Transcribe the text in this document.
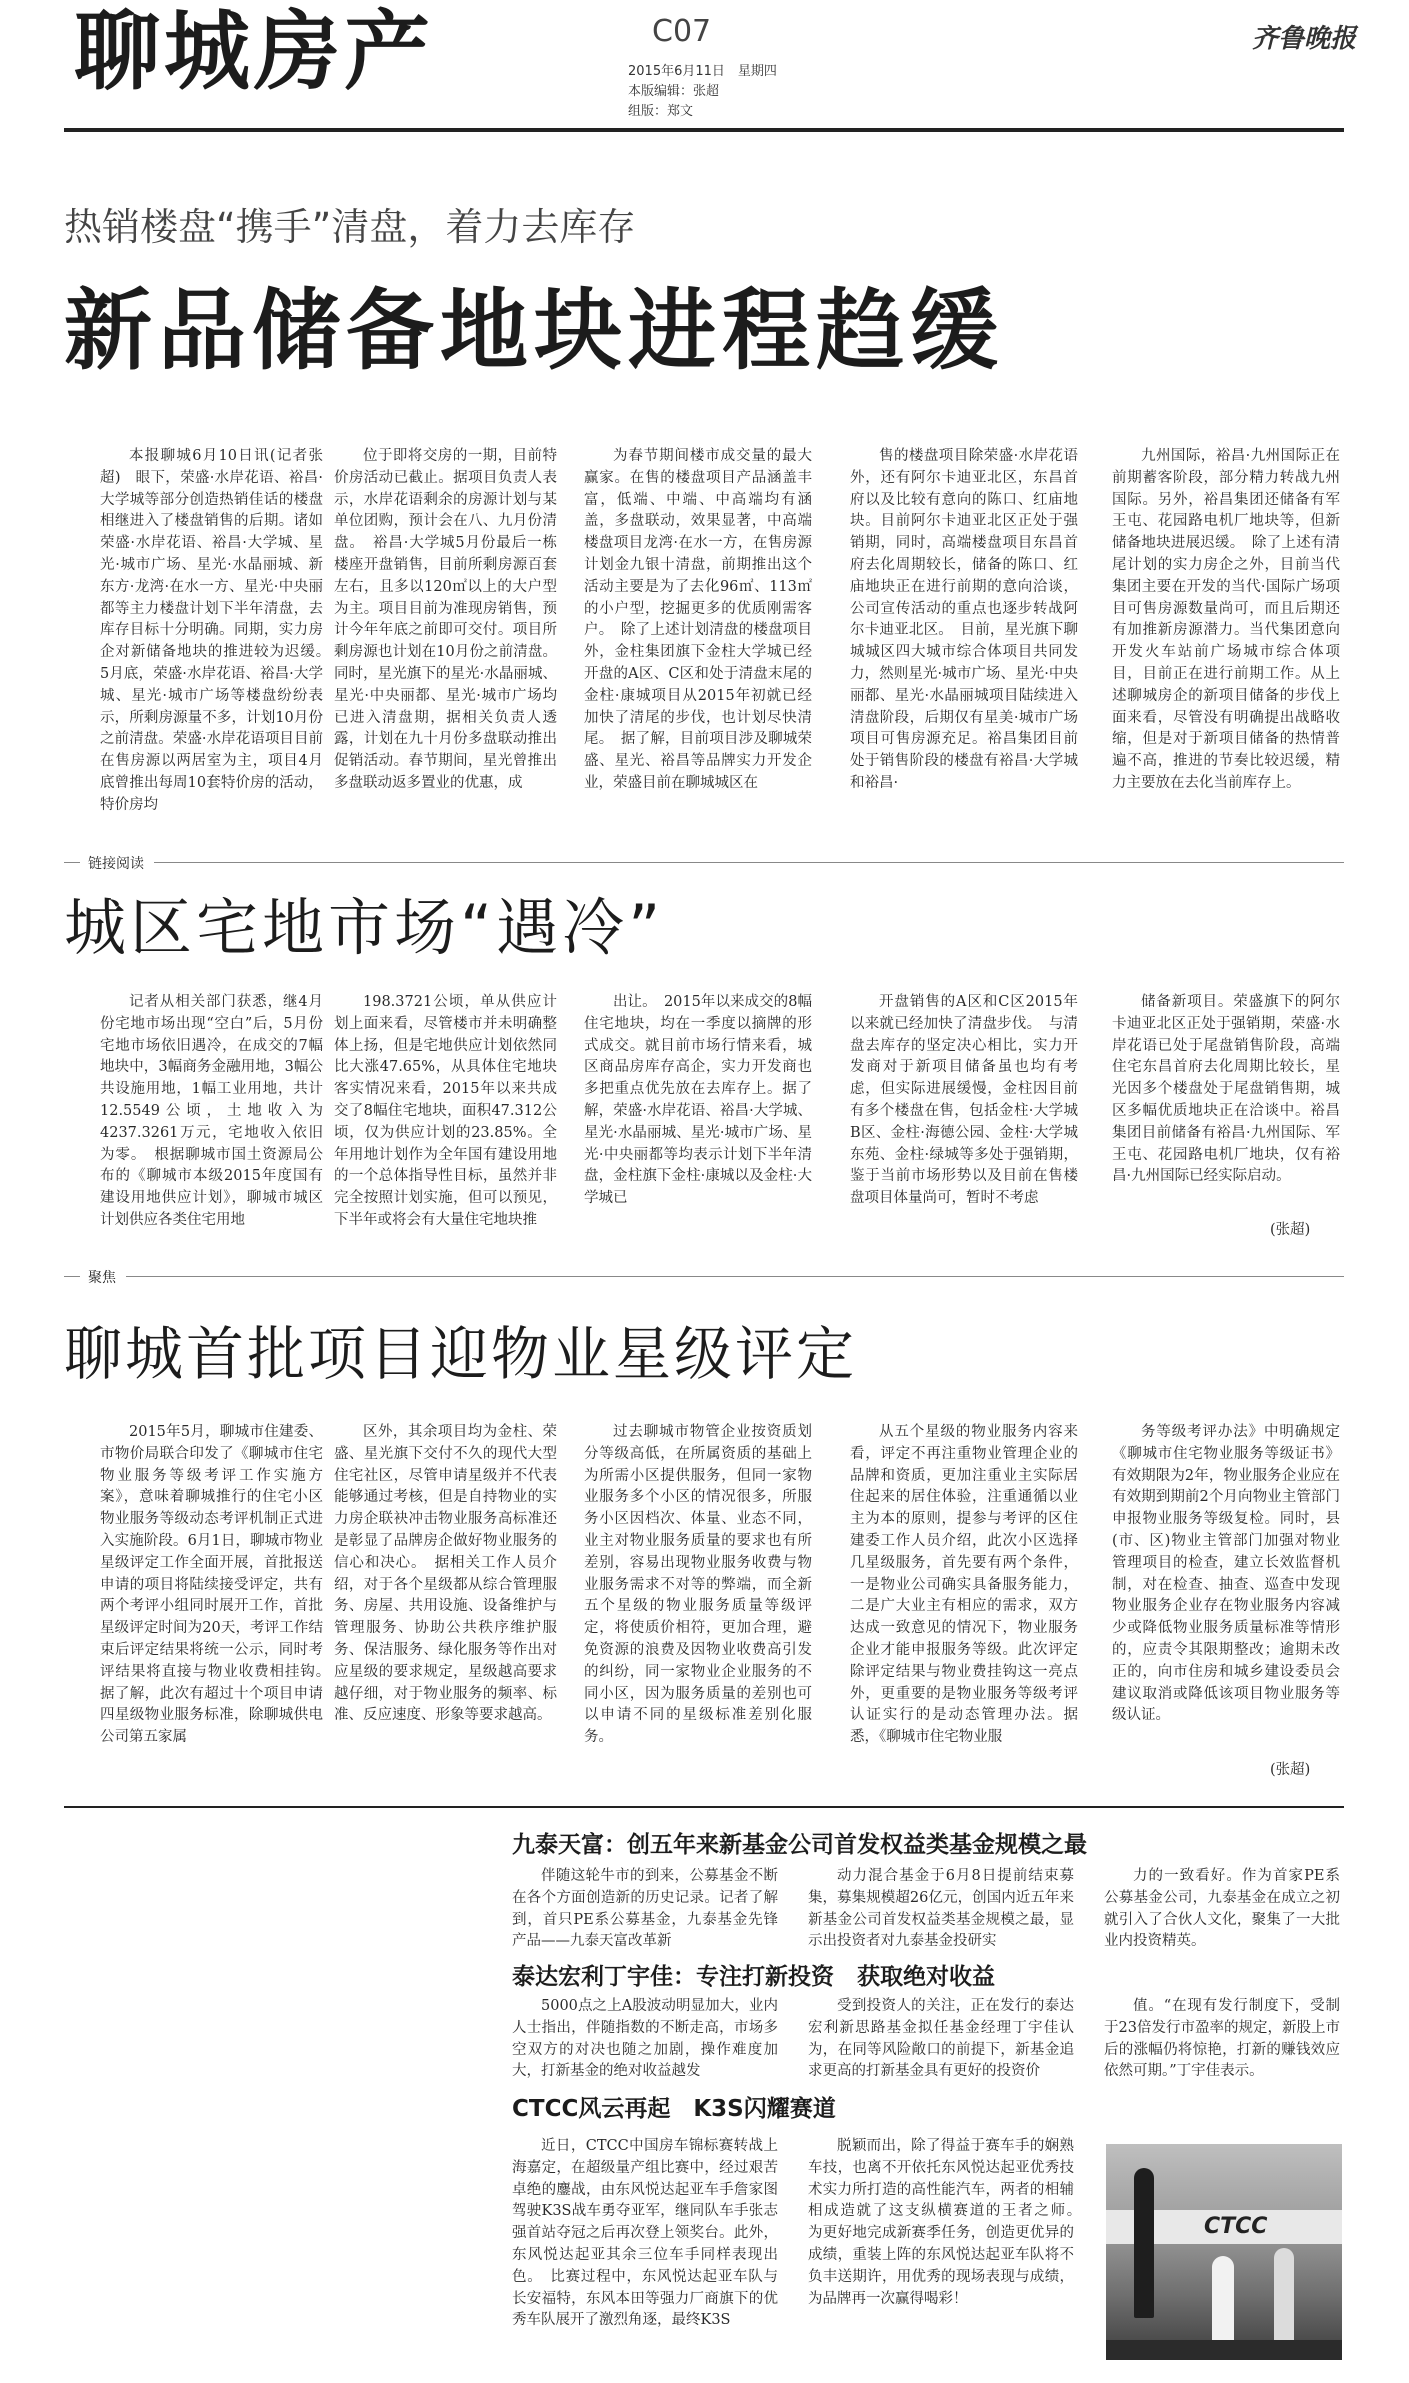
聊城房产	C07
2015年6月11日　星期四
本版编辑：张超
组版：郑文
齐鲁晚报
热销楼盘“携手”清盘，着力去库存
新品储备地块进程趋缓

本报聊城6月10日讯(记者张超)　眼下，荣盛·水岸花语、裕昌·大学城等部分创造热销佳话的楼盘相继进入了楼盘销售的后期。诸如荣盛·水岸花语、裕昌·大学城、星光·城市广场、星光·水晶丽城、新东方·龙湾·在水一方、星光·中央丽都等主力楼盘计划下半年清盘，去库存目标十分明确。同期，实力房企对新储备地块的推进较为迟缓。　5月底，荣盛·水岸花语、裕昌·大学城、星光·城市广场等楼盘纷纷表示，所剩房源量不多，计划10月份之前清盘。荣盛·水岸花语项目目前在售房源以两居室为主，项目4月底曾推出每周10套特价房的活动，特价房均

位于即将交房的一期，目前特价房活动已截止。据项目负责人表示，水岸花语剩余的房源计划与某单位团购，预计会在八、九月份清盘。　裕昌·大学城5月份最后一栋楼座开盘销售，目前所剩房源百套左右，且多以120㎡以上的大户型为主。项目目前为准现房销售，预计今年年底之前即可交付。项目所剩房源也计划在10月份之前清盘。同时，星光旗下的星光·水晶丽城、星光·中央丽都、星光·城市广场均已进入清盘期，据相关负责人透露，计划在九十月份多盘联动推出促销活动。春节期间，星光曾推出多盘联动返多置业的优惠，成

为春节期间楼市成交量的最大赢家。在售的楼盘项目产品涵盖丰富，低端、中端、中高端均有涵盖，多盘联动，效果显著，中高端楼盘项目龙湾·在水一方，在售房源计划金九银十清盘，前期推出这个活动主要是为了去化96㎡、113㎡的小户型，挖掘更多的优质刚需客户。　除了上述计划清盘的楼盘项目外，金柱集团旗下金柱大学城已经开盘的A区、C区和处于清盘末尾的金柱·康城项目从2015年初就已经加快了清尾的步伐，也计划尽快清尾。　据了解，目前项目涉及聊城荣盛、星光、裕昌等品牌实力开发企业，荣盛目前在聊城城区在

售的楼盘项目除荣盛·水岸花语外，还有阿尔卡迪亚北区，东昌首府以及比较有意向的陈口、红庙地块。目前阿尔卡迪亚北区正处于强销期，同时，高端楼盘项目东昌首府去化周期较长，储备的陈口、红庙地块正在进行前期的意向洽谈，公司宣传活动的重点也逐步转战阿尔卡迪亚北区。　目前，星光旗下聊城城区四大城市综合体项目共同发力，然则星光·城市广场、星光·中央丽都、星光·水晶丽城项目陆续进入清盘阶段，后期仅有星美·城市广场项目可售房源充足。裕昌集团目前处于销售阶段的楼盘有裕昌·大学城和裕昌·

九州国际，裕昌·九州国际正在前期蓄客阶段，部分精力转战九州国际。另外，裕昌集团还储备有军王屯、花园路电机厂地块等，但新储备地块进展迟缓。　除了上述有清尾计划的实力房企之外，目前当代集团主要在开发的当代·国际广场项目可售房源数量尚可，而且后期还有加推新房源潜力。当代集团意向开发火车站前广场城市综合体项目，目前正在进行前期工作。从上述聊城房企的新项目储备的步伐上面来看，尽管没有明确提出战略收缩，但是对于新项目储备的热情普遍不高，推进的节奏比较迟缓，精力主要放在去化当前库存上。

链接阅读
城区宅地市场“遇冷”

记者从相关部门获悉，继4月份宅地市场出现“空白”后，5月份宅地市场依旧遇冷，在成交的7幅地块中，3幅商务金融用地，3幅公共设施用地，1幅工业用地，共计12.5549公顷，土地收入为4237.3261万元，宅地收入依旧为零。　根据聊城市国土资源局公布的《聊城市本级2015年度国有建设用地供应计划》，聊城市城区计划供应各类住宅用地

198.3721公顷，单从供应计划上面来看，尽管楼市并未明确整体上扬，但是宅地供应计划依然同比大涨47.65%，从具体住宅地块客实情况来看，2015年以来共成交了8幅住宅地块，面积47.312公顷，仅为供应计划的23.85%。全年用地计划作为全年国有建设用地的一个总体指导性目标，虽然并非完全按照计划实施，但可以预见，下半年或将会有大量住宅地块推

出让。　2015年以来成交的8幅住宅地块，均在一季度以摘牌的形式成交。就目前市场行情来看，城区商品房库存高企，实力开发商也多把重点优先放在去库存上。据了解，荣盛·水岸花语、裕昌·大学城、星光·水晶丽城、星光·城市广场、星光·中央丽都等均表示计划下半年清盘，金柱旗下金柱·康城以及金柱·大学城已

开盘销售的A区和C区2015年以来就已经加快了清盘步伐。　与清盘去库存的坚定决心相比，实力开发商对于新项目储备虽也均有考虑，但实际进展缓慢，金柱因目前有多个楼盘在售，包括金柱·大学城B区、金柱·海德公园、金柱·大学城东苑、金柱·绿城等多处于强销期，鉴于当前市场形势以及目前在售楼盘项目体量尚可，暂时不考虑

储备新项目。荣盛旗下的阿尔卡迪亚北区正处于强销期，荣盛·水岸花语已处于尾盘销售阶段，高端住宅东昌首府去化周期比较长，星光因多个楼盘处于尾盘销售期，城区多幅优质地块正在洽谈中。裕昌集团目前储备有裕昌·九州国际、军王屯、花园路电机厂地块，仅有裕昌·九州国际已经实际启动。

(张超)
聚焦
聊城首批项目迎物业星级评定

2015年5月，聊城市住建委、市物价局联合印发了《聊城市住宅物业服务等级考评工作实施方案》，意味着聊城推行的住宅小区物业服务等级动态考评机制正式进入实施阶段。6月1日，聊城市物业星级评定工作全面开展，首批报送申请的项目将陆续接受评定，共有两个考评小组同时展开工作，首批星级评定时间为20天，考评工作结束后评定结果将统一公示，同时考评结果将直接与物业收费相挂钩。　据了解，此次有超过十个项目申请四星级物业服务标准，除聊城供电公司第五家属

区外，其余项目均为金柱、荣盛、星光旗下交付不久的现代大型住宅社区，尽管申请星级并不代表能够通过考核，但是自持物业的实力房企联袂冲击物业服务高标准还是彰显了品牌房企做好物业服务的信心和决心。　据相关工作人员介绍，对于各个星级都从综合管理服务、房屋、共用设施、设备维护与管理服务、协助公共秩序维护服务、保洁服务、绿化服务等作出对应星级的要求规定，星级越高要求越仔细，对于物业服务的频率、标准、反应速度、形象等要求越高。

过去聊城市物管企业按资质划分等级高低，在所属资质的基础上为所需小区提供服务，但同一家物业服务多个小区的情况很多，所服务小区因档次、体量、业态不同，业主对物业服务质量的要求也有所差别，容易出现物业服务收费与物业服务需求不对等的弊端，而全新五个星级的物业服务质量等级评定，将使质价相符，更加合理，避免资源的浪费及因物业收费高引发的纠纷，同一家物业企业服务的不同小区，因为服务质量的差别也可以申请不同的星级标准差别化服务。

从五个星级的物业服务内容来看，评定不再注重物业管理企业的品牌和资质，更加注重业主实际居住起来的居住体验，注重通循以业主为本的原则，提参与考评的区住建委工作人员介绍，此次小区选择几星级服务，首先要有两个条件，一是物业公司确实具备服务能力，二是广大业主有相应的需求，双方达成一致意见的情况下，物业服务企业才能申报服务等级。此次评定除评定结果与物业费挂钩这一亮点外，更重要的是物业服务等级考评认证实行的是动态管理办法。据悉，《聊城市住宅物业服

务等级考评办法》中明确规定《聊城市住宅物业服务等级证书》有效期限为2年，物业服务企业应在有效期到期前2个月向物业主管部门申报物业服务等级复检。同时，县(市、区)物业主管部门加强对物业管理项目的检查，建立长效监督机制，对在检查、抽查、巡查中发现物业服务企业存在物业服务内容减少或降低物业服务质量标准等情形的，应责令其限期整改；逾期未改正的，向市住房和城乡建设委员会建议取消或降低该项目物业服务等级认证。

(张超)
九泰天富：创五年来新基金公司首发权益类基金规模之最

伴随这轮牛市的到来，公募基金不断在各个方面创造新的历史记录。记者了解到，首只PE系公募基金，九泰基金先锋产品——九泰天富改革新

动力混合基金于6月8日提前结束募集，募集规模超26亿元，创国内近五年来新基金公司首发权益类基金规模之最，显示出投资者对九泰基金投研实

力的一致看好。作为首家PE系公募基金公司，九泰基金在成立之初就引入了合伙人文化，聚集了一大批业内投资精英。

泰达宏利丁宇佳：专注打新投资　获取绝对收益

5000点之上A股波动明显加大，业内人士指出，伴随指数的不断走高，市场多空双方的对决也随之加剧，操作难度加大，打新基金的绝对收益越发

受到投资人的关注，正在发行的泰达宏利新思路基金拟任基金经理丁宇佳认为，在同等风险敞口的前提下，新基金追求更高的打新基金具有更好的投资价

值。“在现有发行制度下，受制于23倍发行市盈率的规定，新股上市后的涨幅仍将惊艳，打新的赚钱效应依然可期。”丁宇佳表示。

CTCC风云再起　K3S闪耀赛道

近日，CTCC中国房车锦标赛转战上海嘉定，在超级量产组比赛中，经过艰苦卓绝的鏖战，由东风悦达起亚车手詹家图驾驶K3S战车勇夺亚军，继同队车手张志强首站夺冠之后再次登上领奖台。此外，东风悦达起亚其余三位车手同样表现出色。　比赛过程中，东风悦达起亚车队与长安福特，东风本田等强力厂商旗下的优秀车队展开了激烈角逐，最终K3S

脱颖而出，除了得益于赛车手的娴熟车技，也离不开依托东风悦达起亚优秀技术实力所打造的高性能汽车，两者的相辅相成造就了这支纵横赛道的王者之师。　为更好地完成新赛季任务，创造更优异的成绩，重装上阵的东风悦达起亚车队将不负丰送期许，用优秀的现场表现与成绩，为品牌再一次赢得喝彩！

CTCC
